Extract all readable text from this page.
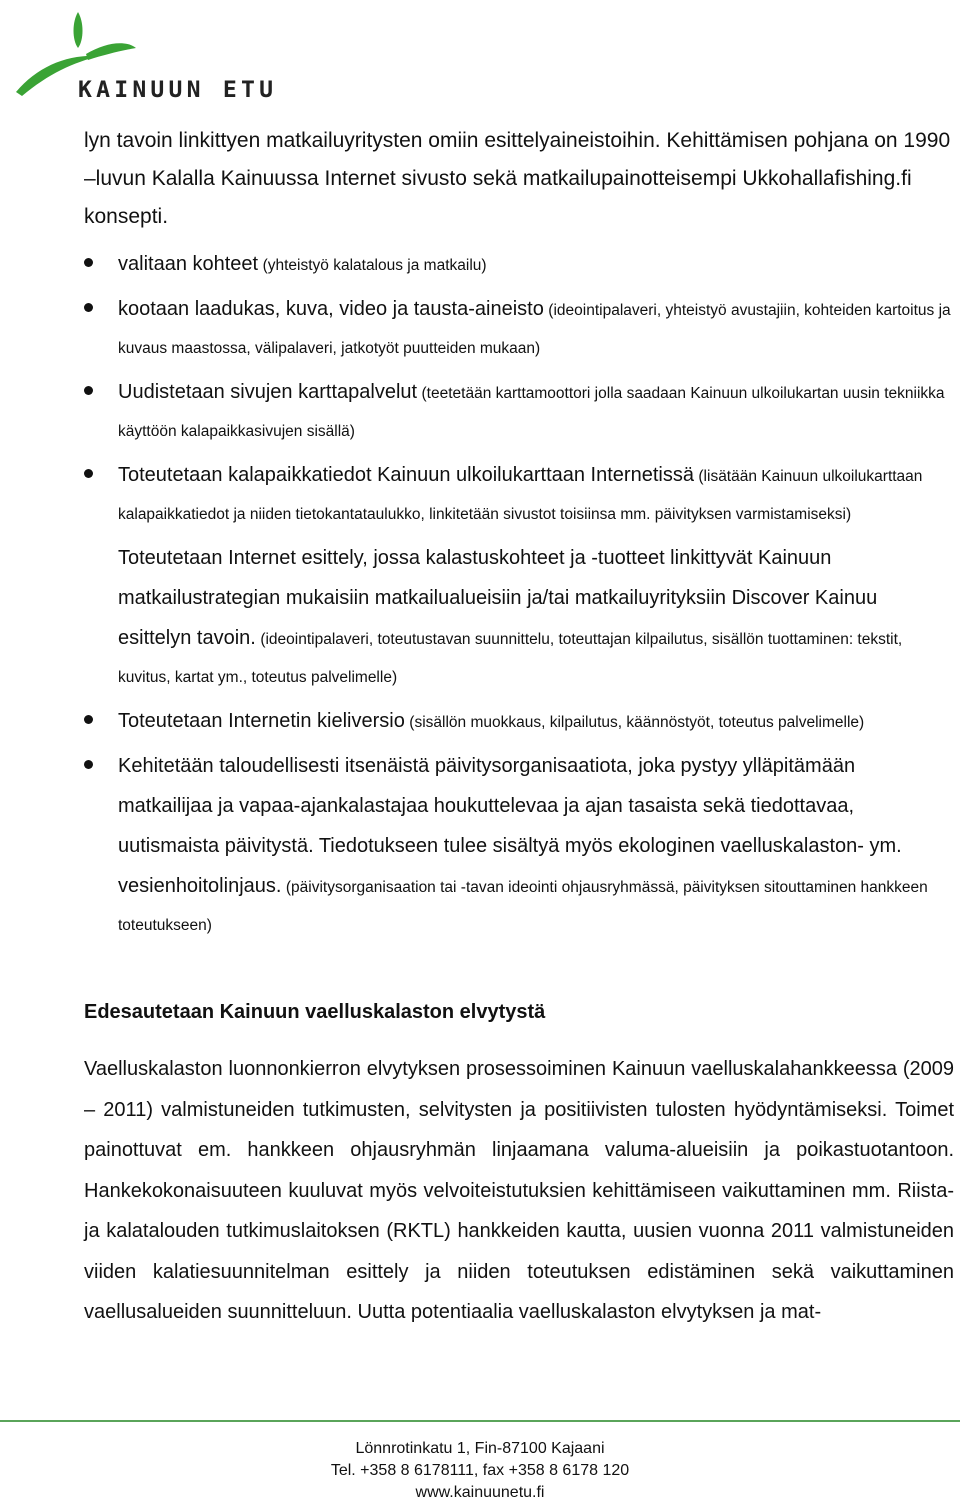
KAINUUN ETU

lyn tavoin linkittyen matkailuyritysten omiin esittelyaineistoihin. Kehittämisen pohjana on 1990 –luvun Kalalla Kainuussa Internet sivusto sekä matkailupainotteisempi Ukkohallafishing.fi konsepti.

valitaan kohteet (yhteistyö kalatalous ja matkailu)
kootaan laadukas, kuva, video ja tausta-aineisto (ideointipalaveri, yhteistyö avustajiin, kohteiden kartoitus ja kuvaus maastossa, välipalaveri, jatkotyöt puutteiden mukaan)
Uudistetaan sivujen karttapalvelut (teetetään karttamoottori jolla saadaan Kainuun ulkoilukartan uusin tekniikka käyttöön kalapaikkasivujen sisällä)
Toteutetaan kalapaikkatiedot Kainuun ulkoilukarttaan Internetissä (lisätään Kainuun ulkoilukarttaan kalapaikkatiedot ja niiden tietokantataulukko, linkitetään sivustot toisiinsa mm. päivityksen varmistamiseksi)
Toteutetaan Internet esittely, jossa kalastuskohteet ja -tuotteet linkittyvät Kainuun matkailustrategian mukaisiin matkailualueisiin ja/tai matkailuyrityksiin Discover Kainuu esittelyn tavoin. (ideointipalaveri, toteutustavan suunnittelu, toteuttajan kilpailutus, sisällön tuottaminen: tekstit, kuvitus, kartat ym., toteutus palvelimelle)
Toteutetaan Internetin kieliversio (sisällön muokkaus, kilpailutus, käännöstyöt, toteutus palvelimelle)
Kehitetään taloudellisesti itsenäistä päivitysorganisaatiota, joka pystyy ylläpitämään matkailijaa ja vapaa-ajankalastajaa houkuttelevaa ja ajan tasaista sekä tiedottavaa, uutismaista päivitystä. Tiedotukseen tulee sisältyä myös ekologinen vaelluskalaston- ym. vesienhoitolinjaus. (päivitysorganisaation tai -tavan ideointi ohjausryhmässä, päivityksen sitouttaminen hankkeen toteutukseen)
Edesautetaan Kainuun vaelluskalaston elvytystä

Vaelluskalaston luonnonkierron elvytyksen prosessoiminen Kainuun vaelluskalahankkeessa (2009 – 2011) valmistuneiden tutkimusten, selvitysten ja positiivisten tulosten hyödyntämiseksi. Toimet painottuvat em. hankkeen ohjausryhmän linjaamana valuma-alueisiin ja poikastuotantoon. Hankekokonaisuuteen kuuluvat myös velvoiteistutuksien kehittämiseen vaikuttaminen mm. Riista- ja kalatalouden tutkimuslaitoksen (RKTL) hankkeiden kautta, uusien vuonna 2011 valmistuneiden viiden kalatiesuunnitelman esittely ja niiden toteutuksen edistäminen sekä vaikuttaminen vaellusalueiden suunnitteluun. Uutta potentiaalia vaelluskalaston elvytyksen ja mat-

Lönnrotinkatu 1, Fin-87100 Kajaani
Tel. +358 8 6178111, fax +358 8 6178 120
www.kainuunetu.fi
